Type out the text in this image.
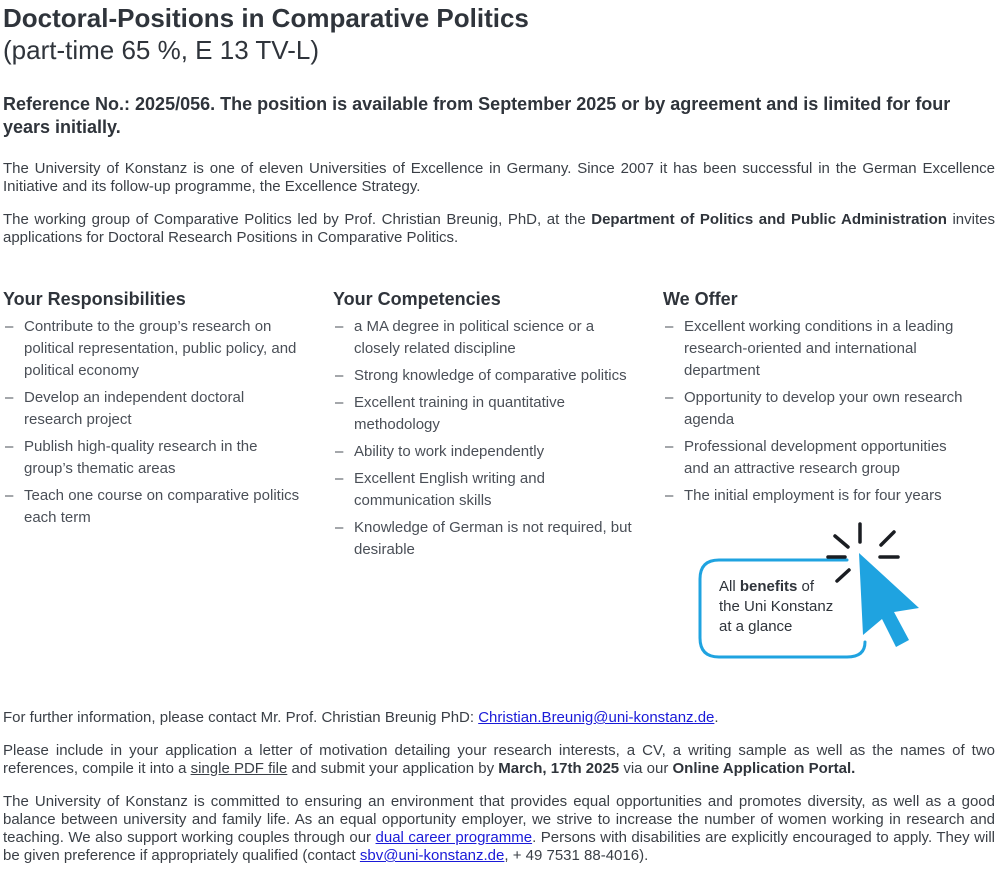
Doctoral-Positions in Comparative Politics
(part-time 65 %, E 13 TV-L)

Reference No.: 2025/056. The position is available from September 2025 or by agreement and is limited for four years initially.

The University of Konstanz is one of eleven Universities of Excellence in Germany. Since 2007 it has been successful in the German Excellence Initiative and its follow-up programme, the Excellence Strategy.

The working group of Comparative Politics led by Prof. Christian Breunig, PhD, at the Department of Politics and Public Administration invites applications for Doctoral Research Positions in Comparative Politics.

Your Responsibilities
– Contribute to the group’s research on political representation, public policy, and political economy
– Develop an independent doctoral research project
– Publish high-quality research in the group’s thematic areas
– Teach one course on comparative politics each term
Your Competencies
– a MA degree in political science or a closely related discipline
– Strong knowledge of comparative politics
– Excellent training in quantitative methodology
– Ability to work independently
– Excellent English writing and communication skills
– Knowledge of German is not required, but desirable
We Offer
– Excellent working conditions in a leading research-oriented and international department
– Opportunity to develop your own research agenda
– Professional development opportunities and an attractive research group
– The initial employment is for four years
All benefits of
the Uni Konstanz
at a glance

For further information, please contact Mr. Prof. Christian Breunig PhD: Christian.Breunig@uni-konstanz.de.

Please include in your application a letter of motivation detailing your research interests, a CV, a writing sample as well as the names of two references, compile it into a single PDF file and submit your application by March, 17th 2025 via our Online Application Portal.

The University of Konstanz is committed to ensuring an environment that provides equal opportunities and promotes diversity, as well as a good balance between university and family life. As an equal opportunity employer, we strive to increase the number of women working in research and teaching. We also support working couples through our dual career programme. Persons with disabilities are explicitly encouraged to apply. They will be given preference if appropriately qualified (contact sbv@uni-konstanz.de, + 49 7531 88-4016).
